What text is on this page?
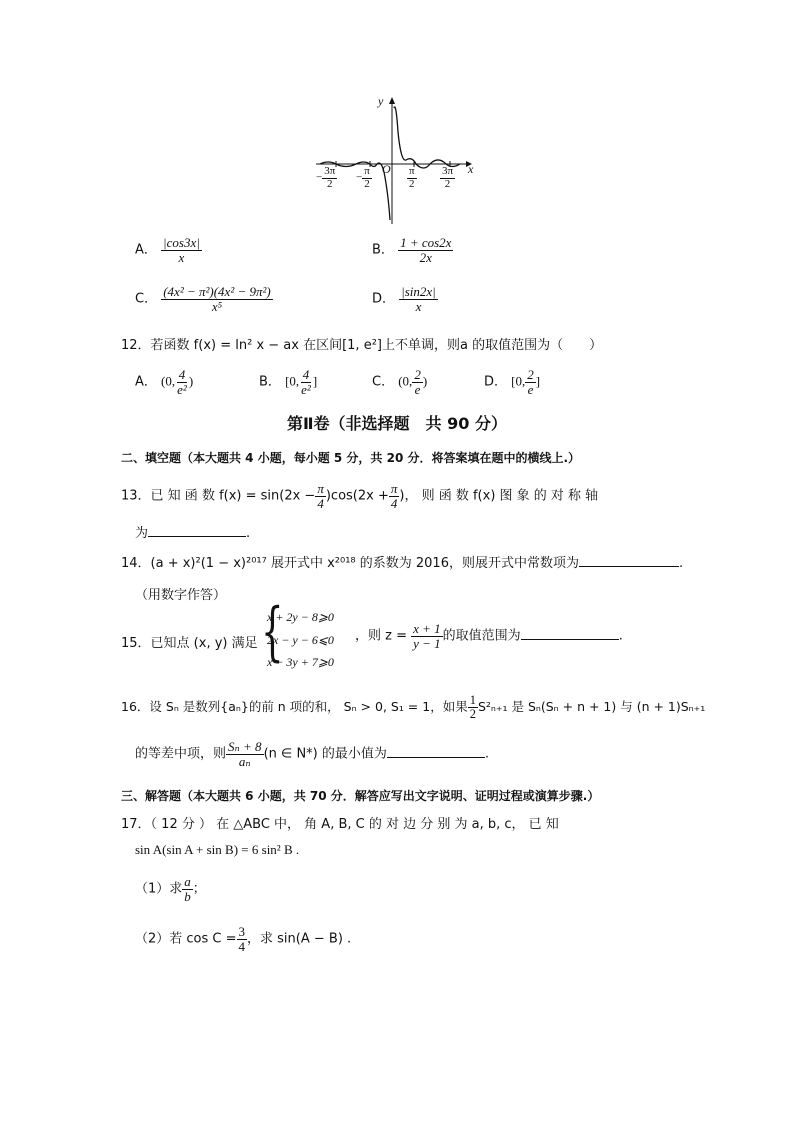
y
x
O
− $\frac{3\pi}{2} - \frac{\pi}{2}$	$\frac{\pi}{2} \frac{3\pi}{2}$
A． $\frac{|\cos 3x|}{x}$	B． $\frac{1 + \cos 2x}{2x}$
C． $\frac{\text{(4x² − π²)(4x² − 9π²)}}{\text{x⁵}}$	D． $\frac{|\sin 2x|}{x}$
12．若函数 f(x) = ln² x − ax 在区间[1, e²]上不单调，则a 的取值范围为（　　）
A． (0, $\frac{4}{\text{e²}}$ )	B． [0, $\frac{4}{\text{e²}}$ ]	C． (0, $\frac{2}{e}$ )	D． [0, $\frac{2}{e}$ ]
第Ⅱ卷（非选择题　共 90 分）
二、填空题（本大题共 4 小题，每小题 5 分，共 20 分．将答案填在题中的横线上.）
13．已 知 函 数 $f(x) = \sin(2x - \frac{\pi}{4} )\cos(2x + \frac{\pi}{4}$ )， 则 函 数 f(x) 图 象 的 对 称 轴
为	.
14．(a + x)²(1 − x)²⁰¹⁷ 展开式中 x²⁰¹⁸ 的系数为 2016，则展开式中常数项为	.
（用数字作答）
15．已知点 (x, y) 满足 {
x + 2y − 8⩾0
2x − y − 6⩽0
x − 3y + 7⩾0
，则 $z = \frac{x + 1}{y - 1}$ 的取值范围为	.
16．设 Sₙ 是数列{aₙ}的前 n 项的和， Sₙ > 0, S₁ = 1，如果 $\frac{1}{2} S^2_{n+1}$ 是 Sₙ(Sₙ + n + 1) 与 (n + 1)Sₙ₊₁
的等差中项，则 $\frac{\text{Sₙ + 8}}{\text{aₙ}} (n$ ∈ N*) 的最小值为	.
三、解答题（本大题共 6 小题，共 70 分．解答应写出文字说明、证明过程或演算步骤.）
17．（ 12 分 ） 在 △ABC 中， 角 A, B, C 的 对 边 分 别 为 a, b, c， 已 知
sin A(sin A + sin B) = 6 sin² B .
（1）求 $\frac{a}{b}$ ；
（2）若 $\cos C = \frac{3}{4}$ ，求 sin(A − B) .
